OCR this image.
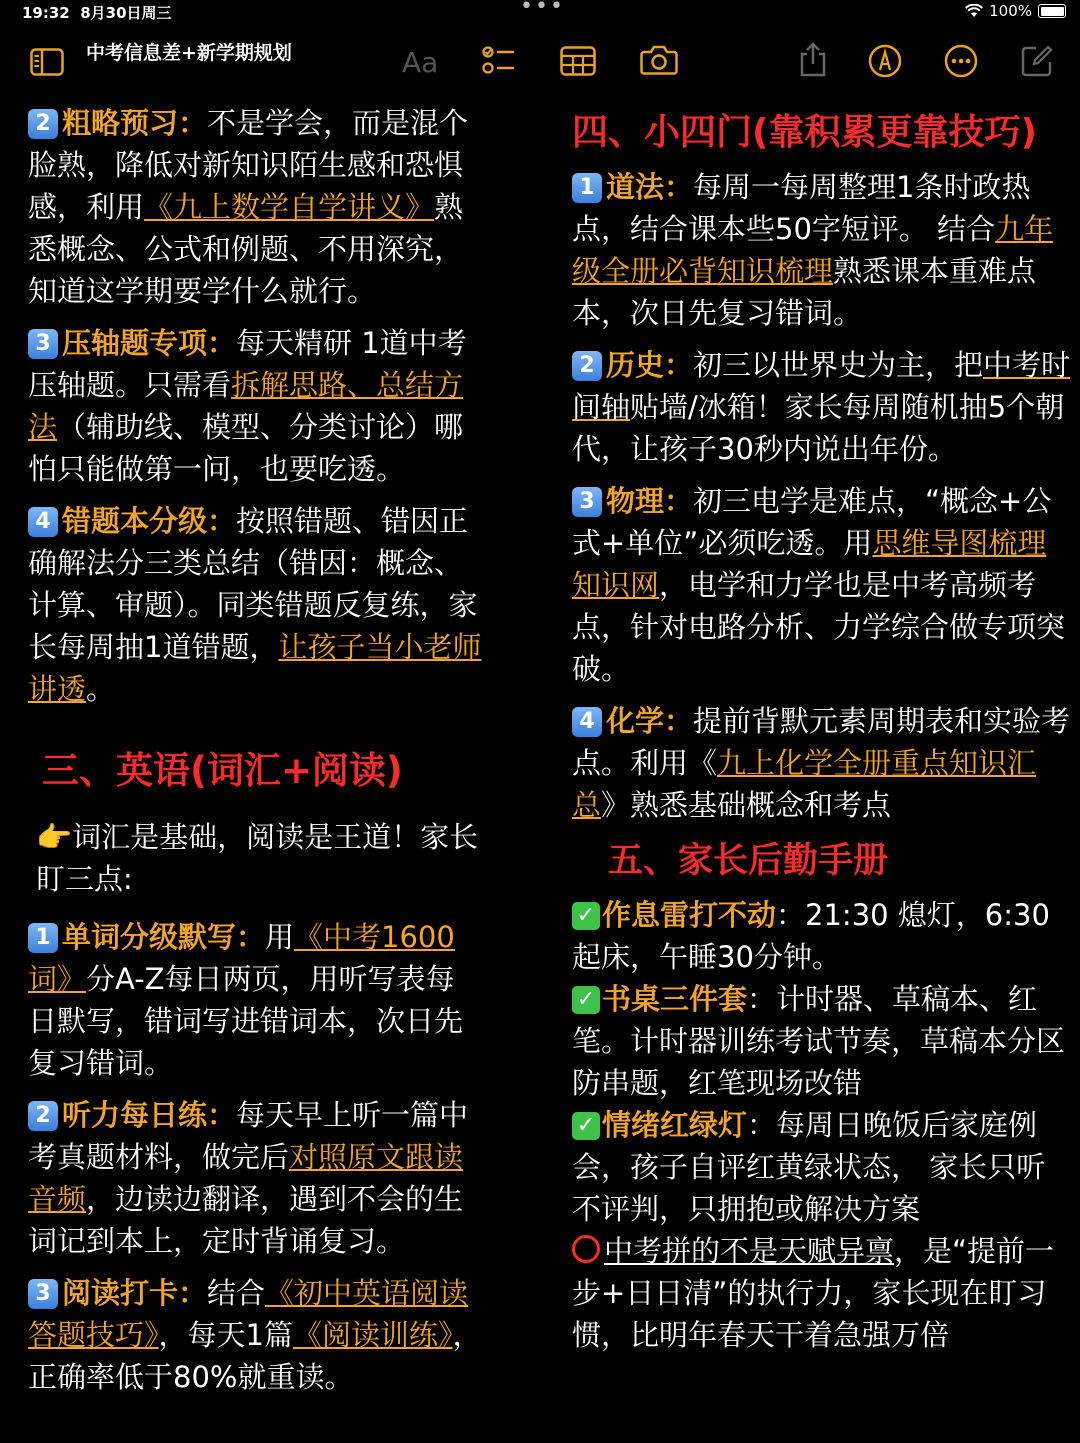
19:32 8月30日周三	•••	100%
中考信息差+新学期规划	Aa

2 粗略预习：不是学会，而是混个脸熟，降低对新知识陌生感和恐惧感，利用《九上数学自学讲义》熟悉概念、公式和例题、不用深究，知道这学期要学什么就行。

3 压轴题专项：每天精研 1道中考压轴题。只需看拆解思路、总结方法（辅助线、模型、分类讨论）哪怕只能做第一问，也要吃透。

4 错题本分级：按照错题、错因正确解法分三类总结（错因：概念、计算、审题）。同类错题反复练，家长每周抽1道错题，让孩子当小老师讲透。

三、英语(词汇+阅读)

👉词汇是基础，阅读是王道！家长盯三点:

1 单词分级默写：用《中考1600词》分A-Z每日两页，用听写表每日默写，错词写进错词本，次日先复习错词。

2 听力每日练：每天早上听一篇中考真题材料，做完后对照原文跟读音频，边读边翻译，遇到不会的生词记到本上，定时背诵复习。

3 阅读打卡：结合《初中英语阅读答题技巧》，每天1篇《阅读训练》，正确率低于80%就重读。

四、小四门(靠积累更靠技巧)

1 道法：每周一每周整理1条时政热点，结合课本些50字短评。 结合九年级全册必背知识梳理熟悉课本重难点本，次日先复习错词。

2 历史：初三以世界史为主，把中考时间轴贴墙/冰箱！家长每周随机抽5个朝代，让孩子30秒内说出年份。

3 物理：初三电学是难点，“概念+公式+单位”必须吃透。用思维导图梳理知识网，电学和力学也是中考高频考点，针对电路分析、力学综合做专项突破。

4 化学：提前背默元素周期表和实验考点。利用《九上化学全册重点知识汇总》熟悉基础概念和考点

五、家长后勤手册

✓ 作息雷打不动：21:30 熄灯，6:30起床，午睡30分钟。

✓ 书桌三件套：计时器、草稿本、红笔。计时器训练考试节奏，草稿本分区防串题，红笔现场改错

✓ 情绪红绿灯：每周日晚饭后家庭例会，孩子自评红黄绿状态， 家长只听不评判，只拥抱或解决方案

中考拼的不是天赋异禀，是“提前一步+日日清”的执行力，家长现在盯习惯，比明年春天干着急强万倍
